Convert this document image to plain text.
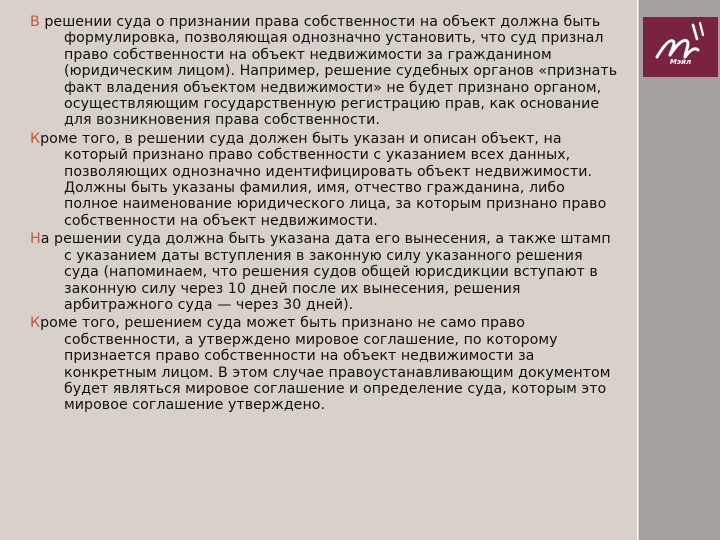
В решении суда о признании права собственности на объект должна быть формулировка, позволяющая однозначно установить, что суд признал право собственности на объект недвижимости за гражданином (юридическим лицом). Например, решение судебных органов «признать факт владения объектом недвижимости» не будет признано органом, осуществляющим государственную регистрацию прав, как основание для возникновения права собственности.

Кроме того, в решении суда должен быть указан и описан объект, на который признано право собственности с указанием всех данных, позволяющих однозначно идентифицировать объект недвижимости. Должны быть указаны фамилия, имя, отчество гражданина, либо полное наименование юридического лица, за которым признано право собственности на объект недвижимости.

На решении суда должна быть указана дата его вынесения, а также штамп с указанием даты вступления в законную силу указанного решения суда (напоминаем, что решения судов общей юрисдикции вступают в законную силу через 10 дней после их вынесения, решения арбитражного суда — через 30 дней).

Кроме того, решением суда может быть признано не само право собственности, а утверждено мировое соглашение, по которому признается право собственности на объект недвижимости за конкретным лицом. В этом случае правоустанавливающим документом будет являться мировое соглашение и определение суда, которым это мировое соглашение утверждено.

Мэйл
